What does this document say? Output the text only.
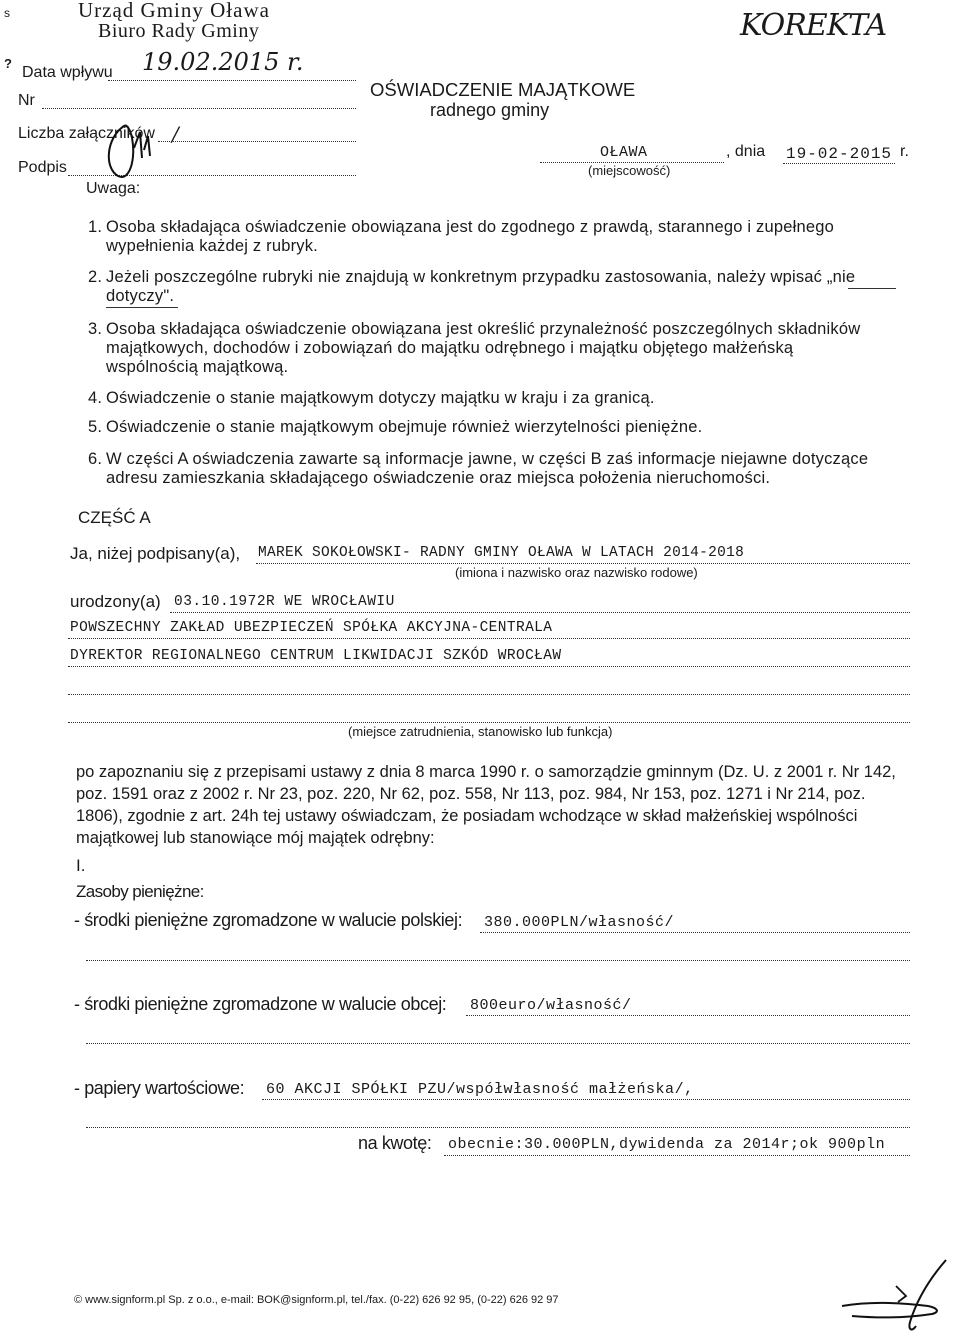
s
?
Urząd Gminy Oława
Biuro Rady Gminy	KOREKTA
Data wpływu 19.02.2015 r.
Nr
Liczba załączników /
Podpis
OŚWIADCZENIE MAJĄTKOWE
radnego gminy
OŁAWA
(miejscowość)
, dnia 19-02-2015 r.
Uwaga:
1. Osoba składająca oświadczenie obowiązana jest do zgodnego z prawdą, starannego i zupełnego
wypełnienia każdej z rubryk.
2. Jeżeli poszczególne rubryki nie znajdują w konkretnym przypadku zastosowania, należy wpisać „nie
dotyczy".
3. Osoba składająca oświadczenie obowiązana jest określić przynależność poszczególnych składników
majątkowych, dochodów i zobowiązań do majątku odrębnego i majątku objętego małżeńską
wspólnością majątkową.
4. Oświadczenie o stanie majątkowym dotyczy majątku w kraju i za granicą.
5. Oświadczenie o stanie majątkowym obejmuje również wierzytelności pieniężne.
6. W części A oświadczenia zawarte są informacje jawne, w części B zaś informacje niejawne dotyczące
adresu zamieszkania składającego oświadczenie oraz miejsca położenia nieruchomości.
CZĘŚĆ A
Ja, niżej podpisany(a), MAREK SOKOŁOWSKI- RADNY GMINY OŁAWA W LATACH 2014-2018
(imiona i nazwisko oraz nazwisko rodowe)
urodzony(a) 03.10.1972R WE WROCŁAWIU
POWSZECHNY ZAKŁAD UBEZPIECZEŃ SPÓŁKA AKCYJNA-CENTRALA
DYREKTOR REGIONALNEGO CENTRUM LIKWIDACJI SZKÓD WROCŁAW
(miejsce zatrudnienia, stanowisko lub funkcja)
po zapoznaniu się z przepisami ustawy z dnia 8 marca 1990 r. o samorządzie gminnym (Dz. U. z 2001 r. Nr 142,
poz. 1591 oraz z 2002 r. Nr 23, poz. 220, Nr 62, poz. 558, Nr 113, poz. 984, Nr 153, poz. 1271 i Nr 214, poz.
1806), zgodnie z art. 24h tej ustawy oświadczam, że posiadam wchodzące w skład małżeńskiej wspólności
majątkowej lub stanowiące mój majątek odrębny:
I.
Zasoby pieniężne:
- środki pieniężne zgromadzone w walucie polskiej: 380.000PLN/własność/
- środki pieniężne zgromadzone w walucie obcej: 800euro/własność/
- papiery wartościowe: 60 AKCJI SPÓŁKI PZU/współwłasność małżeńska/,
na kwotę: obecnie:30.000PLN,dywidenda za 2014r;ok 900pln
© www.signform.pl Sp. z o.o., e-mail: BOK@signform.pl, tel./fax. (0-22) 626 92 95, (0-22) 626 92 97
